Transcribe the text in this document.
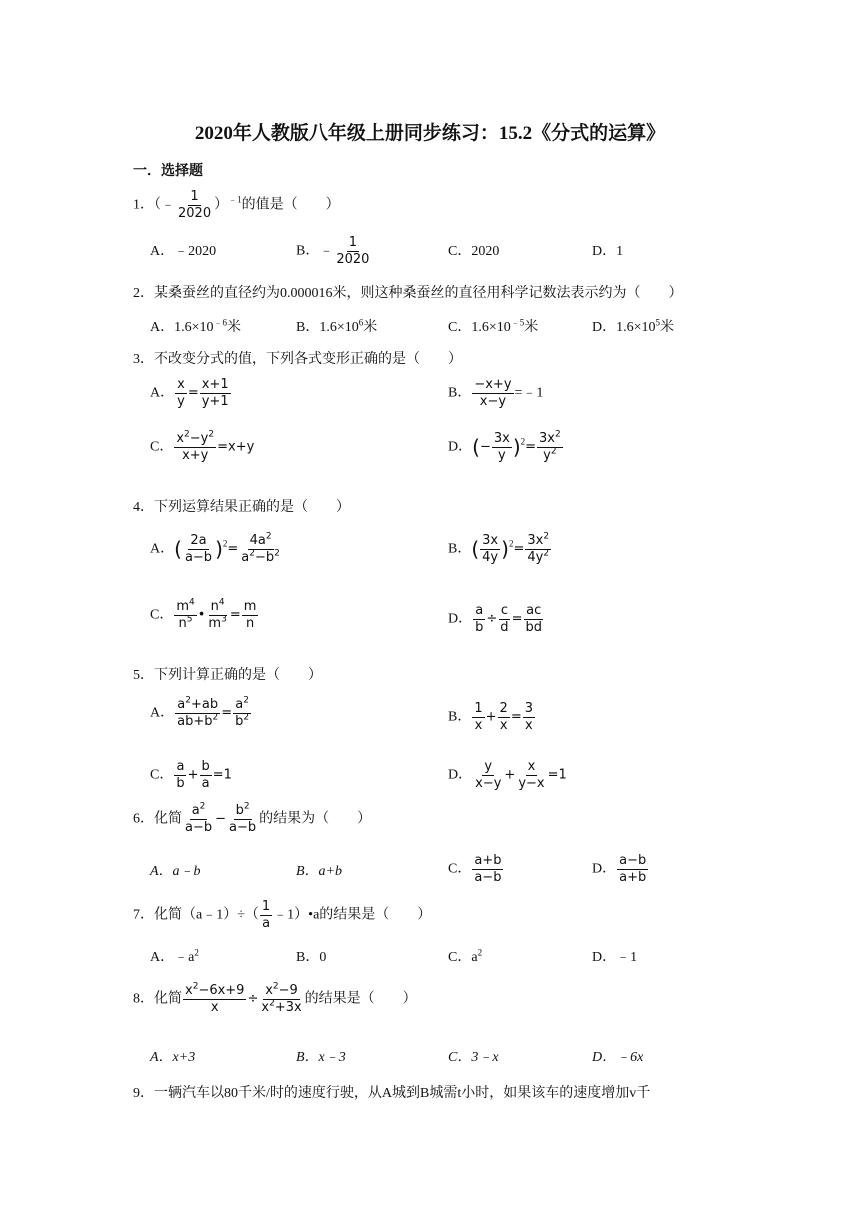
2020年人教版八年级上册同步练习：15.2《分式的运算》
一．选择题
1．（﹣ $\frac{1}{2020} )^{﹣1}$的值是（　　）
A．﹣2020	B．﹣ $\frac{1}{2020}$	C．2020	D．1
2．某桑蚕丝的直径约为0.000016米，则这种桑蚕丝的直径用科学记数法表示约为（　　）
A．$1.6\times 10^{﹣6}$米	B．$1.6\times 10^6$米	C．$1.6\times 10^{﹣5}$米	D．$1.6\times 10^5$米
3．不改变分式的值，下列各式变形正确的是（　　）
A． $\frac{x}{y} = \frac{x+1}{y+1}$	B． $\frac{-x+y}{x-y}$ =﹣1
C． $\frac{x^2-y^2}{x+y} =x+y$	D．(− $\frac{3x}{y} )^2= \frac{3x^2}{y^2}$
4．下列运算结果正确的是（　　）
A．( $\frac{2a}{a-b} )^2= \frac{4a^2}{a^2-b^2}$	B．( $\frac{3x}{4y} )^2= \frac{3x^2}{4y^2}$
C． $\frac{m^4}{n^5}$ • $\frac{n^4}{m^3} = \frac{m}{n}$	D． $\frac{a}{b} \div \frac{c}{d} = \frac{ac}{bd}$
5．下列计算正确的是（　　）
A． $\frac{a^2+ab}{ab+b^2} = \frac{a^2}{b^2}$	B． $\frac{1}{x} + \frac{2}{x} = \frac{3}{x}$
C． $\frac{a}{b} + \frac{b}{a} =1$	D． $\frac{y}{x-y} + \frac{x}{y-x} =1$
6．化简 $\frac{a^2}{a-b} - \frac{b^2}{a-b}$ 的结果为（　　）
A．a﹣b	B．a+b	C． $\frac{a+b}{a-b}$	D． $\frac{a-b}{a+b}$
7．化简（a﹣1）÷（ $\frac{1}{a}$ ﹣1）•a的结果是（　　）
A．$﹣a^2$	B．0	C．$a^2$	D．﹣1
8．化简 $\frac{x^2-6x+9}{x} \div \frac{x^2-9}{x^2+3x}$ 的结果是（　　）
A．x+3	B．x﹣3	C．3﹣x	D．﹣6x
9．一辆汽车以80千米/时的速度行驶，从A城到B城需t小时，如果该车的速度增加v千
